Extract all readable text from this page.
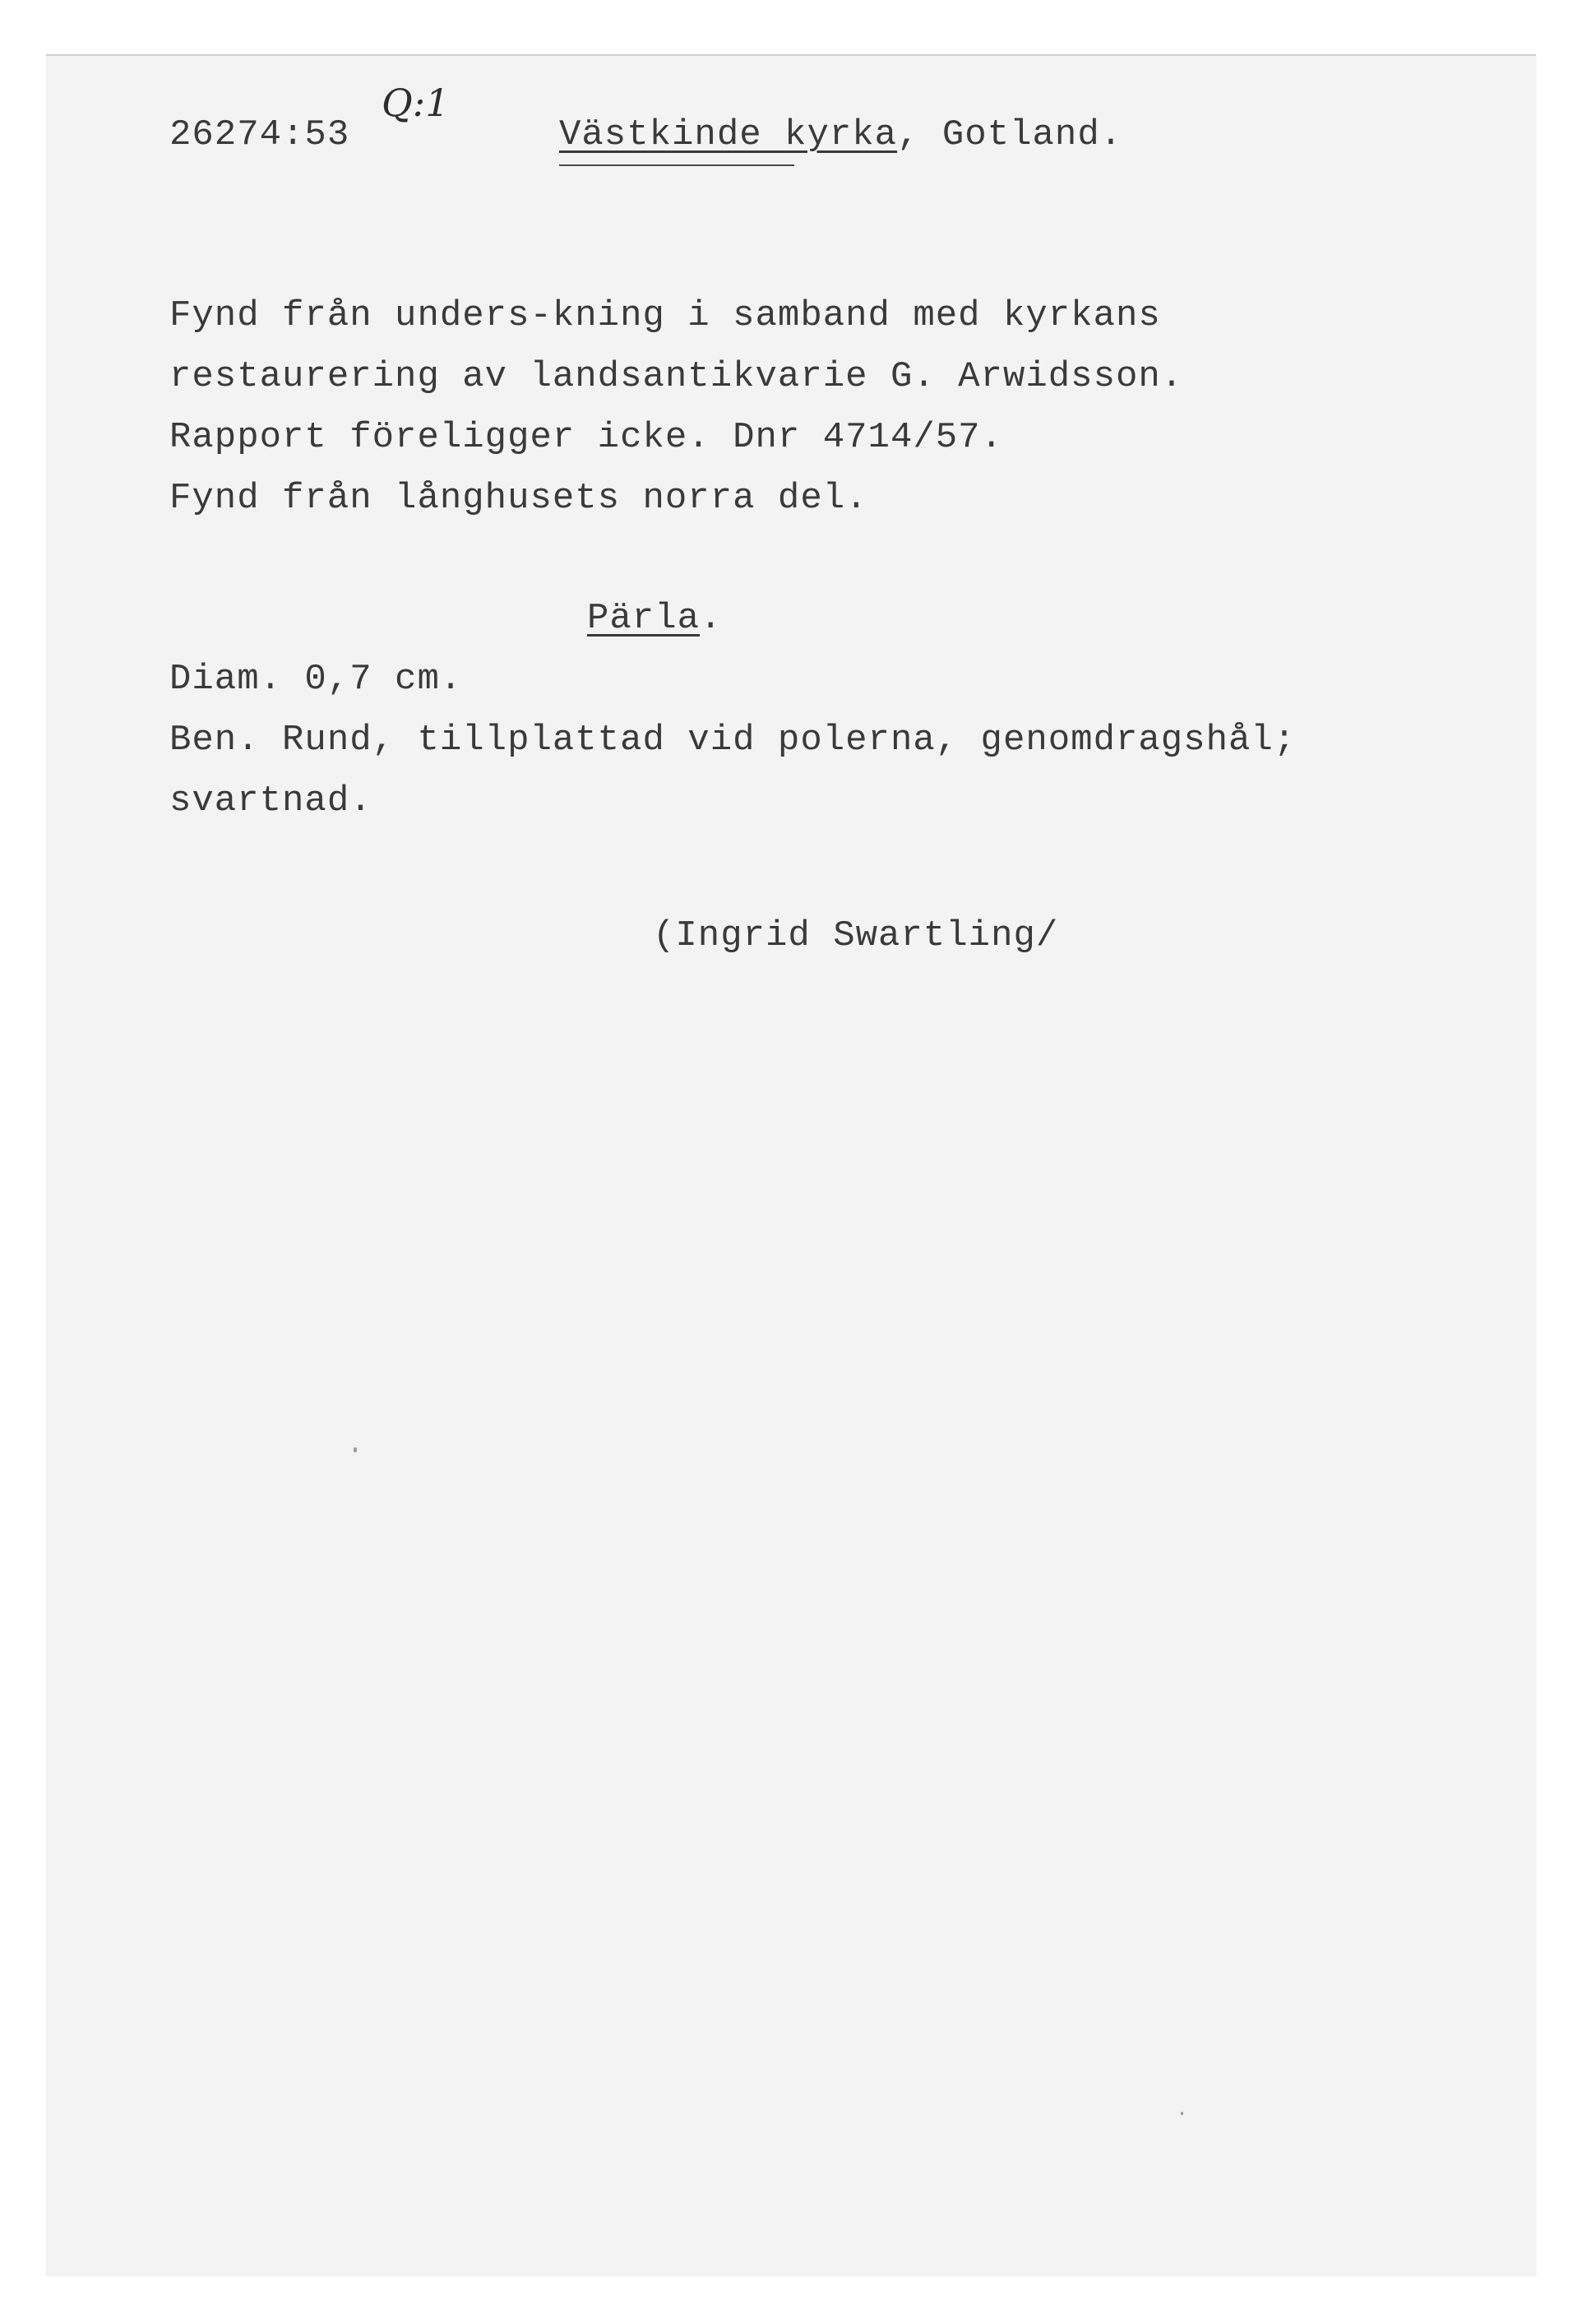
26274:53
Q:1
Västkinde kyrka, Gotland.
Fynd från unders-kning i samband med kyrkans
restaurering av landsantikvarie G. Arwidsson.
Rapport föreligger icke. Dnr 4714/57.
Fynd från långhusets norra del.
Pärla.
Diam. 0,7 cm.
Ben. Rund, tillplattad vid polerna, genomdragshål;
svartnad.
(Ingrid Swartling/
